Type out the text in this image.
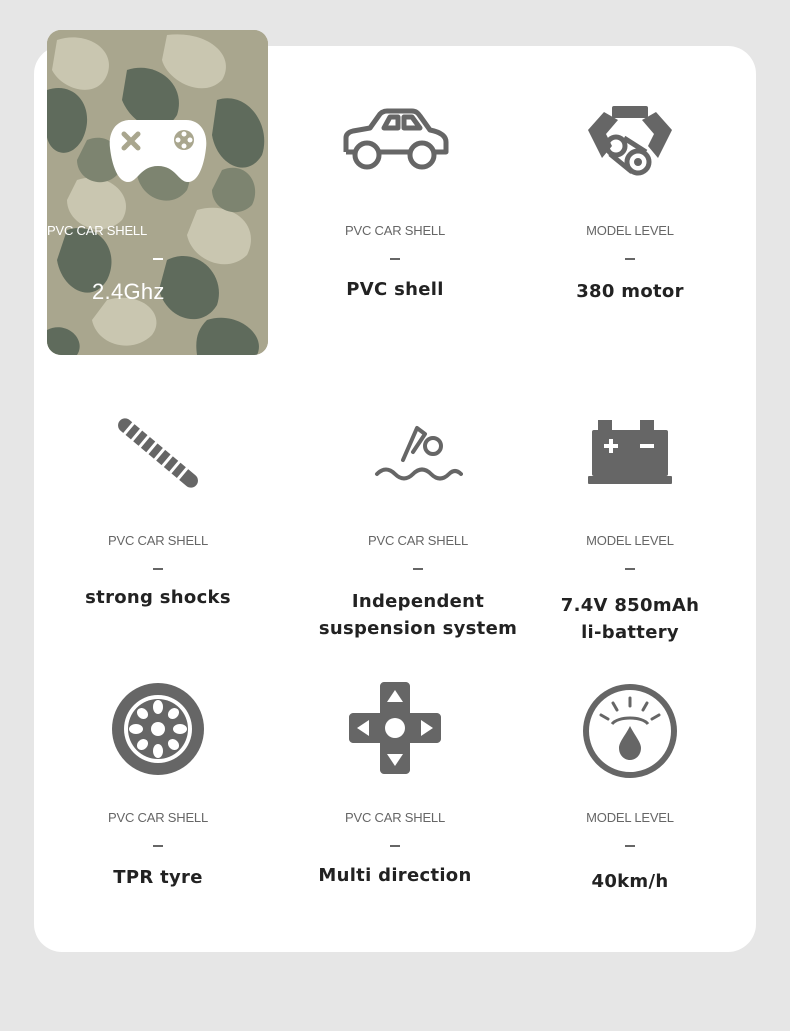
PVC CAR SHELL
2.4Ghz
PVC CAR SHELL
PVC shell
MODEL LEVEL
380 motor
PVC CAR SHELL
strong shocks
PVC CAR SHELL
Independent
suspension system
MODEL LEVEL
7.4V 850mAh
li-battery
PVC CAR SHELL
TPR tyre
PVC CAR SHELL
Multi direction
MODEL LEVEL
40km/h
